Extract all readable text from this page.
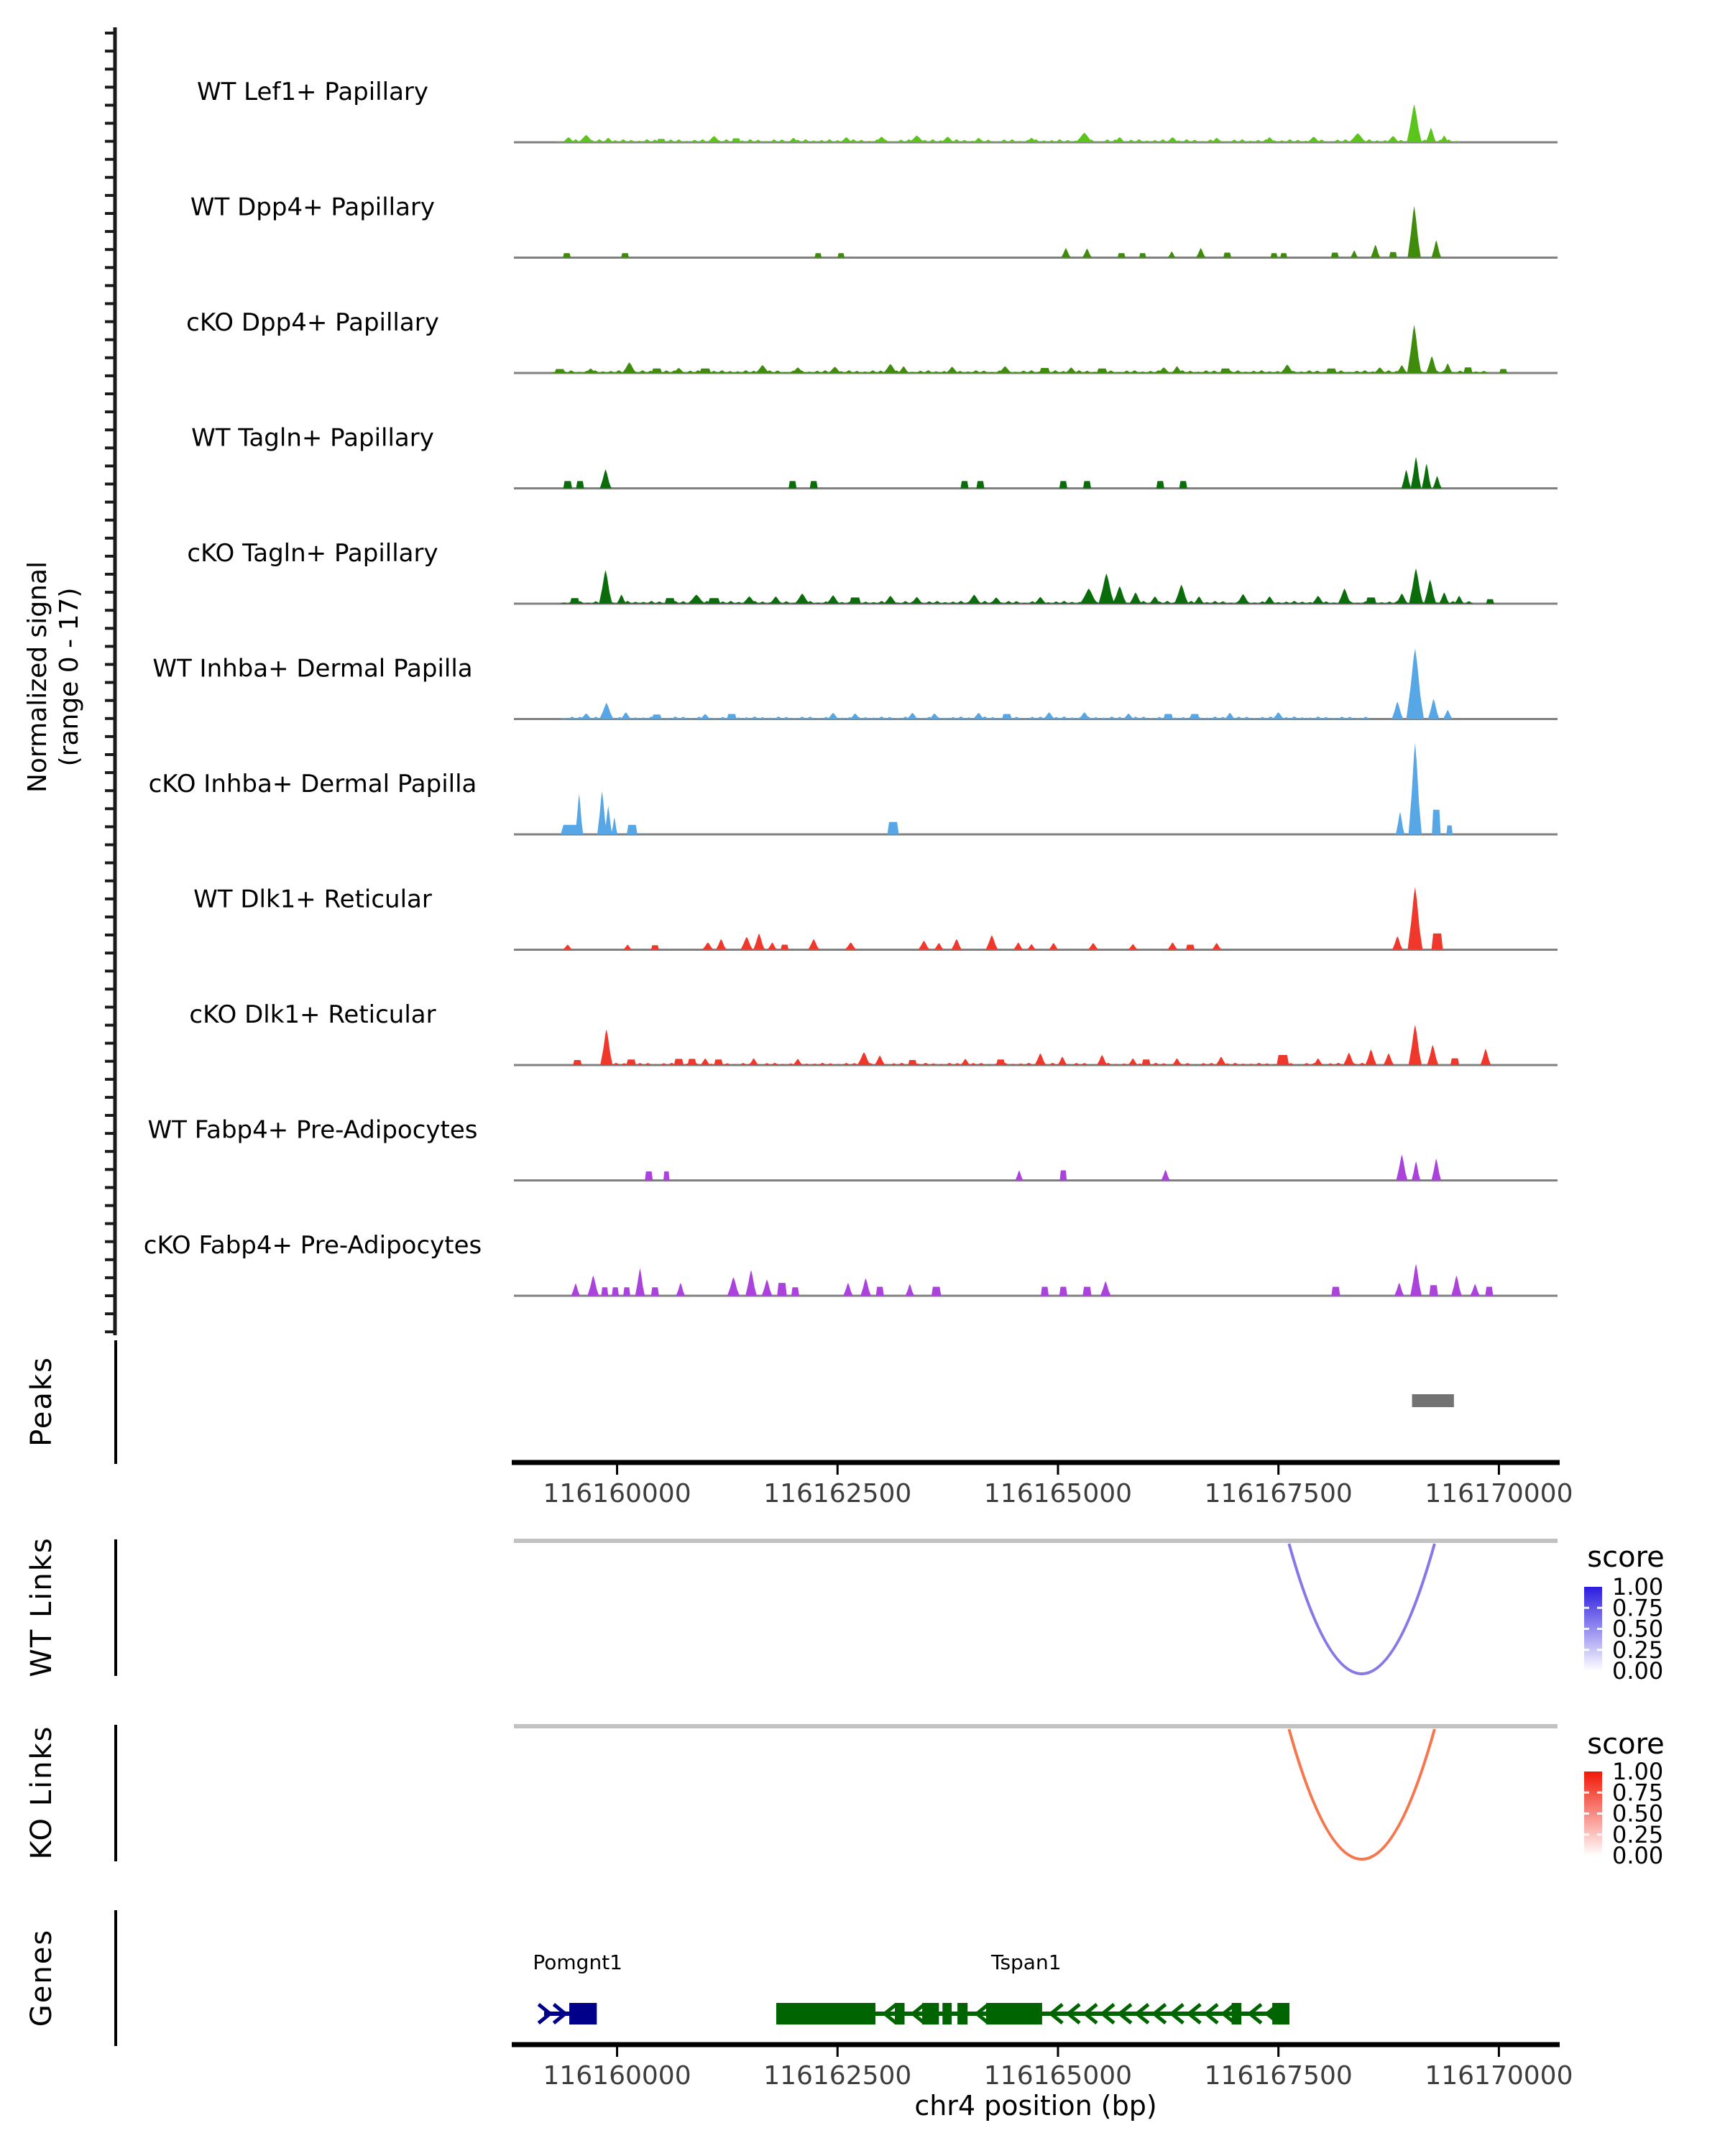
WT Lef1+ Papillary
WT Dpp4+ Papillary
cKO Dpp4+ Papillary
WT Tagln+ Papillary
cKO Tagln+ Papillary
WT Inhba+ Dermal Papilla
cKO Inhba+ Dermal Papilla
WT Dlk1+ Reticular
cKO Dlk1+ Reticular
WT Fabp4+ Pre-Adipocytes
cKO Fabp4+ Pre-Adipocytes
116160000	116162500	116165000	116167500	116170000
116160000	116162500	116165000	116167500	116170000
1.00
0.75
0.50
0.25
0.00
1.00
0.75
0.50
0.25
0.00
Pomgnt1	Tspan1
Normalized signal
(range 0 - 17)
Peaks
WT Links
KO Links
Genes
score
score
chr4 position (bp)
